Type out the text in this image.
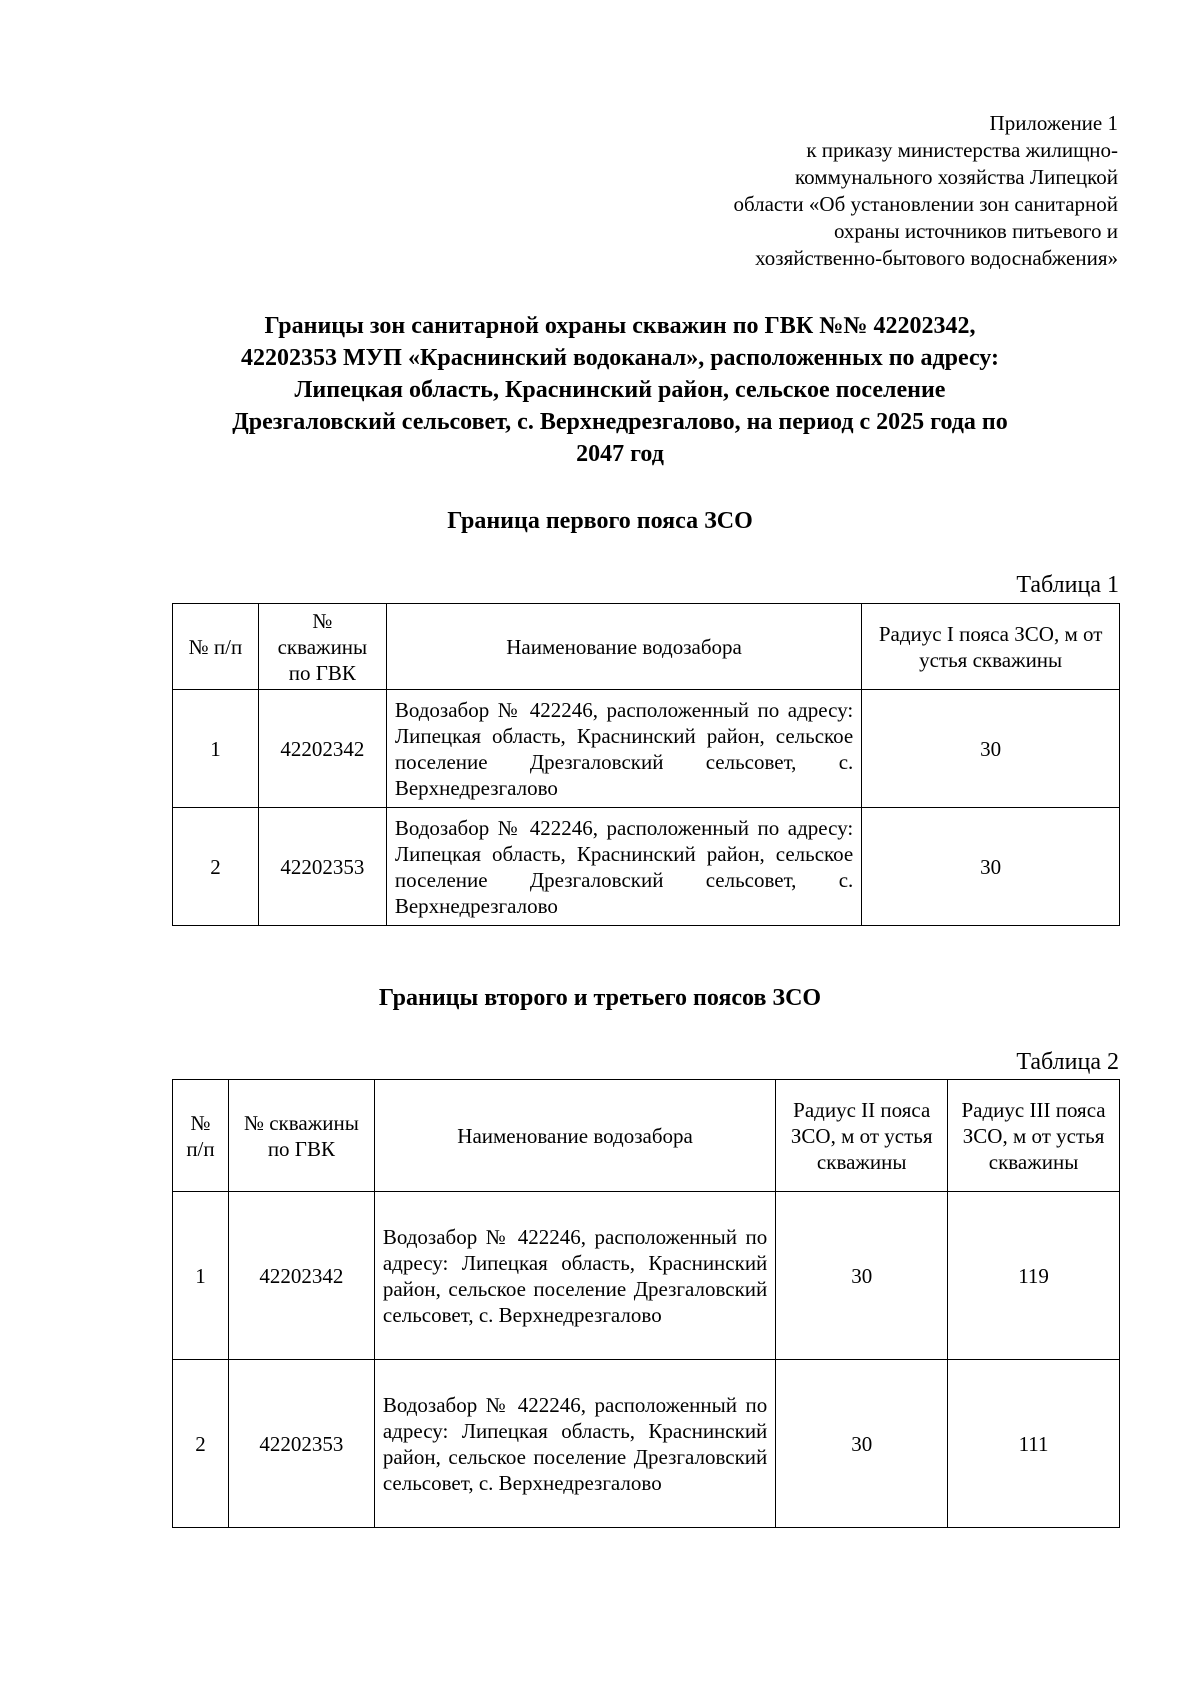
Приложение 1
к приказу министерства жилищно-
коммунального хозяйства Липецкой
области «Об установлении зон санитарной
охраны источников питьевого и
хозяйственно-бытового водоснабжения»
Границы зон санитарной охраны скважин по ГВК №№ 42202342,
42202353 МУП «Краснинский водоканал», расположенных по адресу:
Липецкая область, Краснинский район, сельское поселение
Дрезгаловский сельсовет, с. Верхнедрезгалово, на период с 2025 года по
2047 год
Граница первого пояса ЗСО
Таблица 1
№ п/п	№ скважины по ГВК	Наименование водозабора	Радиус I пояса ЗСО, м от устья скважины
1	42202342	Водозабор № 422246, расположенный по адресу: Липецкая область, Краснинский район, сельское поселение Дрезгаловский сельсовет, с. Верхнедрезгалово	30
2	42202353	Водозабор № 422246, расположенный по адресу: Липецкая область, Краснинский район, сельское поселение Дрезгаловский сельсовет, с. Верхнедрезгалово	30
Границы второго и третьего поясов ЗСО
Таблица 2
№ п/п	№ скважины по ГВК	Наименование водозабора	Радиус II пояса ЗСО, м от устья скважины	Радиус III пояса ЗСО, м от устья скважины
1	42202342	Водозабор № 422246, расположенный по адресу: Липецкая область, Краснинский район, сельское поселение Дрезгаловский сельсовет, с. Верхнедрезгалово	30	119
2	42202353	Водозабор № 422246, расположенный по адресу: Липецкая область, Краснинский район, сельское поселение Дрезгаловский сельсовет, с. Верхнедрезгалово	30	111
